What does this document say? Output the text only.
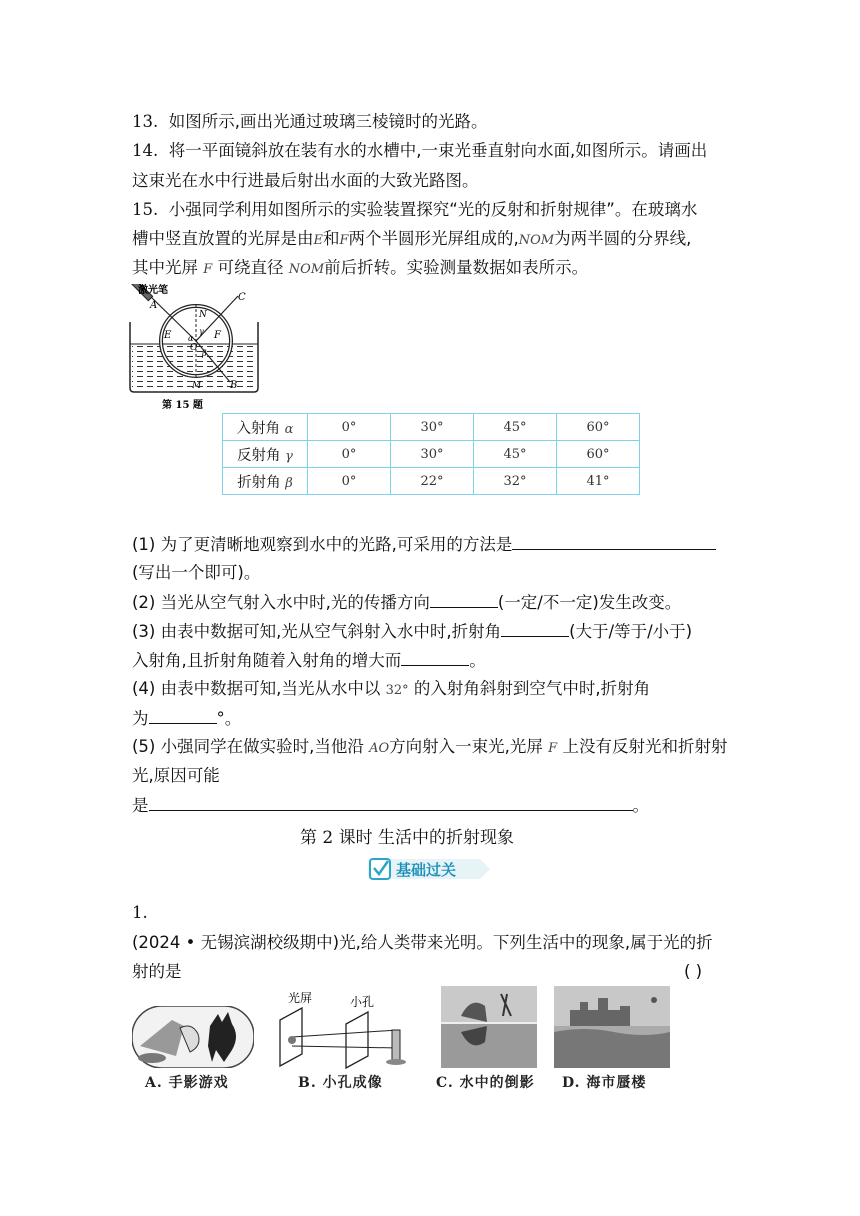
13. 如图所示,画出光通过玻璃三棱镜时的光路。
14. 将一平面镜斜放在装有水的水槽中,一束光垂直射向水面,如图所示。请画出
这束光在水中行进最后射出水面的大致光路图。
15. 小强同学利用如图所示的实验装置探究“光的反射和折射规律”。在玻璃水
槽中竖直放置的光屏是由E和F两个半圆形光屏组成的,NOM为两半圆的分界线,
其中光屏 F 可绕直径 NOM前后折转。实验测量数据如表所示。
激光笔
A
C
N
E	F
α
γ
O
β
M	B
第 15 题
入射角 α	0°	30°	45°	60°
反射角 γ	0°	30°	45°	60°
折射角 β	0°	22°	32°	41°
(1) 为了更清晰地观察到水中的光路,可采用的方法是
(写出一个即可)。
(2) 当光从空气射入水中时,光的传播方向	(一定/不一定)发生改变。
(3) 由表中数据可知,光从空气斜射入水中时,折射角	(大于/等于/小于)
入射角,且折射角随着入射角的增大而	。
(4) 由表中数据可知,当光从水中以 32° 的入射角斜射到空气中时,折射角
为	°。
(5) 小强同学在做实验时,当他沿 AO方向射入一束光,光屏 F 上没有反射光和折射射
光,原因可能
是	。
第 2 课时 生活中的折射现象
基础过关
1.
(2024 • 无锡滨湖校级期中)光,给人类带来光明。下列生活中的现象,属于光的折
射的是	( )
光屏	小孔
A. 手影游戏	B. 小孔成像	C. 水中的倒影 D. 海市蜃楼
